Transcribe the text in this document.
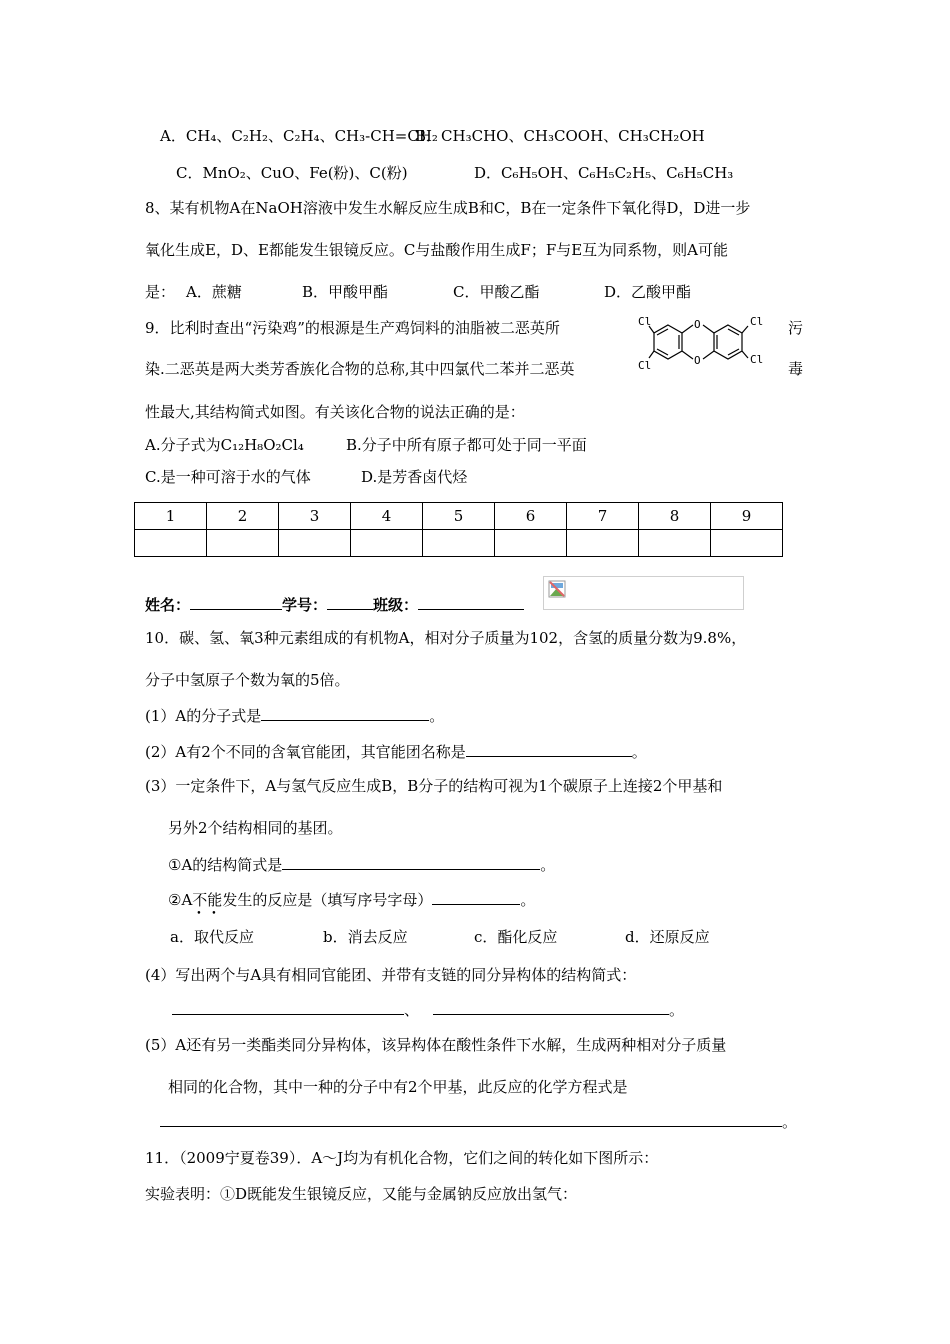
A．CH₄、C₂H₂、C₂H₄、CH₃-CH=CH₂
B．CH₃CHO、CH₃COOH、CH₃CH₂OH
C．MnO₂、CuO、Fe(粉)、C(粉)	D．C₆H₅OH、C₆H₅C₂H₅、C₆H₅CH₃
8、某有机物A在NaOH溶液中发生水解反应生成B和C，B在一定条件下氧化得D，D进一步
氧化生成E，D、E都能发生银镜反应。C与盐酸作用生成F；F与E互为同系物，则A可能
是： A．蔗糖	B．甲酸甲酯	C．甲酸乙酯	D．乙酸甲酯
9．比利时查出“污染鸡”的根源是生产鸡饲料的油脂被二恶英所	污
染.二恶英是两大类芳香族化合物的总称,其中四氯代二苯并二恶英	毒
性最大,其结构简式如图。有关该化合物的说法正确的是：
O
O
Cl
Cl
Cl
Cl
A.分子式为C₁₂H₈O₂Cl₄	B.分子中所有原子都可处于同一平面
C.是一种可溶于水的气体	D.是芳香卤代烃
1	2	3	4	5	6	7	8	9

姓名：	学号：	班级：
10．碳、氢、氧3种元素组成的有机物A，相对分子质量为102，含氢的质量分数为9.8%，
分子中氢原子个数为氧的5倍。
(1）A的分子式是	。
(2）A有2个不同的含氧官能团，其官能团名称是	。
(3）一定条件下，A与氢气反应生成B，B分子的结构可视为1个碳原子上连接2个甲基和
另外2个结构相同的基团。
①A的结构简式是	。
②A不能发生的反应是（填写序号字母）	。
a．取代反应	b．消去反应	c．酯化反应	d．还原反应
(4）写出两个与A具有相同官能团、并带有支链的同分异构体的结构简式：
、	。
(5）A还有另一类酯类同分异构体，该异构体在酸性条件下水解，生成两种相对分子质量
相同的化合物，其中一种的分子中有2个甲基，此反应的化学方程式是
。
11．（2009宁夏卷39）．A～J均为有机化合物，它们之间的转化如下图所示：
实验表明：①D既能发生银镜反应，又能与金属钠反应放出氢气：
